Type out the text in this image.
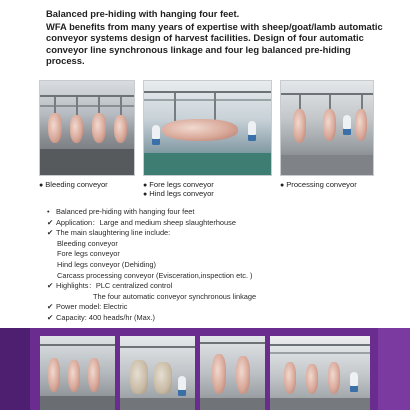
Balanced pre-hiding with hanging four feet.

WFA benefits from many years of expertise with sheep/goat/lamb automatic conveyor systems design of harvest facilities. Design of four automatic conveyor line synchronous linkage and four leg balanced pre-hiding process.

● Bleeding conveyor	● Fore legs conveyor
● Hind legs conveyor
● Processing conveyor
• Balanced pre-hiding with hanging four feet
✔ Application：Large and medium sheep slaughterhouse
✔ The main slaughtering line include:
Bleeding conveyor
Fore legs conveyor
Hind legs conveyor (Dehiding)
Carcass processing conveyor (Evisceration,inspection etc. )
✔ Highlights：PLC centralized control
The four automatic conveyor synchronous linkage
✔ Power model: Electric
✔ Capacity: 400 heads/hr (Max.)
